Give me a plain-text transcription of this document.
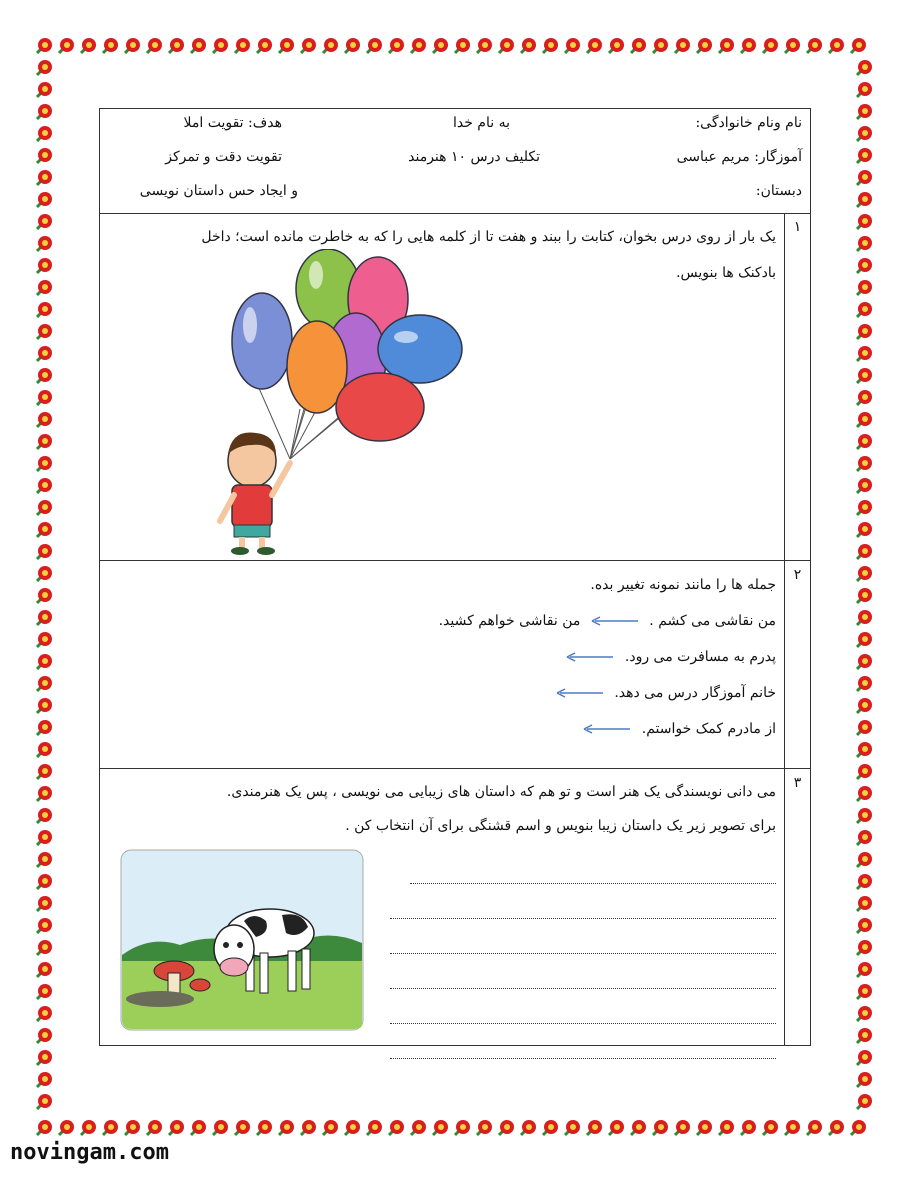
نام ونام خانوادگی:
به نام خدا
هدف: تقویت املا
آموزگار: مریم عباسی
تکلیف درس ۱۰ هنرمند
تقویت دقت و تمرکز
دبستان:
و ایجاد حس داستان نویسی
۱
یک بار از روی درس بخوان، کتابت را ببند و هفت تا از کلمه هایی را که به خاطرت مانده است؛ داخل
بادکنک ها بنویس.
۲
جمله ها را مانند نمونه تغییر بده.
من نقاشی می کشم .  من نقاشی خواهم کشید.
پدرم به مسافرت می رود.
خانم آموزگار درس می دهد.
از مادرم کمک خواستم.
۳
می دانی نویسندگی یک هنر است و تو هم که داستان های زیبایی می نویسی ، پس یک هنرمندی.
برای تصویر زیر یک داستان زیبا بنویس و اسم قشنگی برای آن انتخاب کن .
novingam.com
